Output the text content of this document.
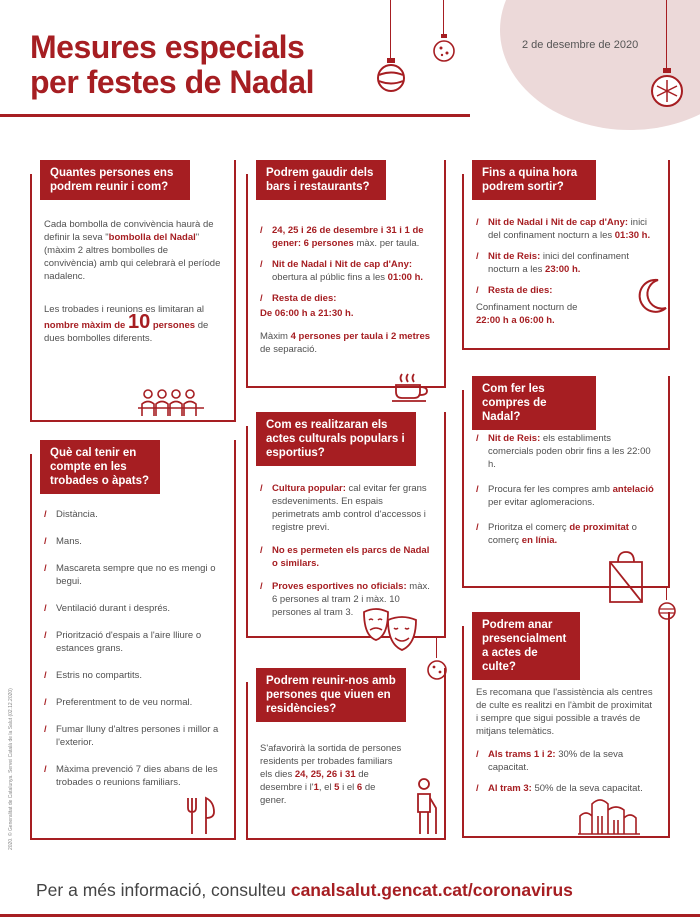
Mesures especials
per festes de Nadal
2 de desembre de 2020
Quantes persones ens podrem reunir i com?

Cada bombolla de convivència haurà de definir la seva "bombolla del Nadal" (màxim 2 altres bombolles de convivència) amb qui celebrarà el període nadalenc.

Les trobades i reunions es limitaran al
nombre màxim de 10 persones de dues bombolles diferents.

Podrem gaudir dels bars i restaurants?
/ 24, 25 i 26 de desembre i 31 i 1 de gener: 6 persones màx. per taula.
/ Nit de Nadal i Nit de cap d'Any: obertura al públic fins a les 01:00 h.
/ Resta de dies:

De 06:00 h a 21:30 h.

Màxim 4 persones per taula i 2 metres de separació.

Fins a quina hora podrem sortir?
/ Nit de Nadal i Nit de cap d'Any: inici del confinament nocturn a les 01:30 h.
/ Nit de Reis: inici del confinament nocturn a les 23:00 h.
/ Resta de dies:

Confinament nocturn de
22:00 h a 06:00 h.

Com fer les compres de Nadal?
/ Nit de Reis: els establiments comercials poden obrir fins a les 22:00 h.
/ Procura fer les compres amb antelació per evitar aglomeracions.
/ Prioritza el comerç de proximitat o comerç en línia.
Què cal tenir en compte en les trobades o àpats?
/ Distància.
/ Mans.
/ Mascareta sempre que no es mengi o begui.
/ Ventilació durant i després.
/ Priorització d'espais a l'aire lliure o estances grans.
/ Estris no compartits.
/ Preferentment to de veu normal.
/ Fumar lluny d'altres persones i millor a l'exterior.
/ Màxima prevenció 7 dies abans de les trobades o reunions familiars.
Com es realitzaran els actes culturals populars i esportius?
/ Cultura popular: cal evitar fer grans esdeveniments. En espais perimetrats amb control d'accessos i registre previ.
/ No es permeten els parcs de Nadal o similars.
/ Proves esportives no oficials: màx. 6 persones al tram 2 i màx. 10 persones al tram 3.
Podrem anar presencialment a actes de culte?

Es recomana que l'assistència als centres de culte es realitzi en l'àmbit de proximitat i sempre que sigui possible a través de mitjans telemàtics.

/ Als trams 1 i 2: 30% de la seva capacitat.
/ Al tram 3: 50% de la seva capacitat.
Podrem reunir-nos amb persones que viuen en residències?

S'afavorirà la sortida de persones residents per trobades familiars els dies 24, 25, 26 i 31 de desembre i l'1, el 5 i el 6 de gener.

2020. © Generalitat de Catalunya. Servei Català de la Salut (02.12.2020)
Per a més informació, consulteu canalsalut.gencat.cat/coronavirus
